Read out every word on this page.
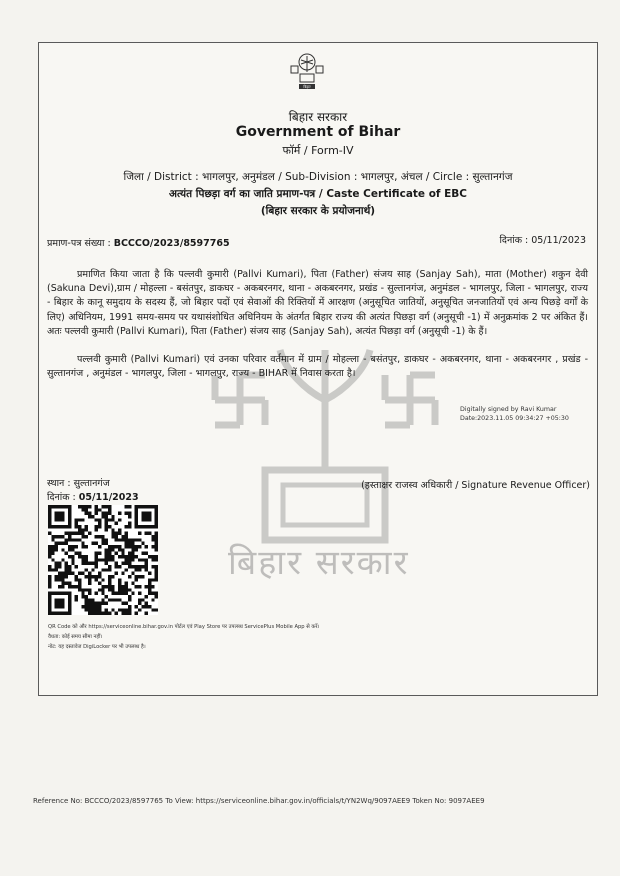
बिहार
बिहार सरकार
Government of Bihar
फॉर्म / Form-IV
जिला / District : भागलपुर, अनुमंडल / Sub-Division : भागलपुर, अंचल / Circle : सुल्तानगंज
अत्यंत पिछड़ा वर्ग का जाति प्रमाण-पत्र / Caste Certificate of EBC
(बिहार सरकार के प्रयोजनार्थ)
प्रमाण-पत्र संख्या : BCCCO/2023/8597765	दिनांक : 05/11/2023
बिहार सरकार

प्रमाणित किया जाता है कि पल्लवी कुमारी (Pallvi Kumari), पिता (Father) संजय साह (Sanjay Sah), माता (Mother) शकुन देवी (Sakuna Devi),ग्राम / मोहल्ला - बसंतपुर, डाकघर - अकबरनगर, थाना - अकबरनगर, प्रखंड - सुल्तानगंज, अनुमंडल - भागलपुर, जिला - भागलपुर, राज्य - बिहार के कानू समुदाय के सदस्य हैं, जो बिहार पदों एवं सेवाओं की रिक्तियों में आरक्षण (अनुसूचित जातियों, अनुसूचित जनजातियों एवं अन्य पिछड़े वर्गों के लिए) अधिनियम, 1991 समय-समय पर यथासंशोधित अधिनियम के अंतर्गत बिहार राज्य की अत्यंत पिछड़ा वर्ग (अनुसूची -1) में अनुक्रमांक 2 पर अंकित हैं। अतः पल्लवी कुमारी (Pallvi Kumari), पिता (Father) संजय साह (Sanjay Sah), अत्यंत पिछड़ा वर्ग (अनुसूची -1) के हैं।

पल्लवी कुमारी (Pallvi Kumari) एवं उनका परिवार वर्तमान में ग्राम / मोहल्ला - बसंतपुर, डाकघर - अकबरनगर, थाना - अकबरनगर , प्रखंड - सुल्तानगंज , अनुमंडल - भागलपुर, जिला - भागलपुर, राज्य - BIHAR में निवास करता है।

Digitally signed by Ravi Kumar
Date:2023.11.05 09:34:27 +05:30
स्थान : सुल्तानगंज
दिनांक : 05/11/2023
(हस्ताक्षर राजस्व अधिकारी / Signature Revenue Officer)
QR Code को और https://serviceonline.bihar.gov.in पोर्टल एवं Play Store पर उपलब्ध ServicePlus Mobile App से करें।
वैधता: कोई समय सीमा नहीं।
नोट: यह दस्तावेज DigiLocker पर भी उपलब्ध है।
Reference No: BCCCO/2023/8597765 To View: https://serviceonline.bihar.gov.in/officials/t/YN2Wq/9097AEE9 Token No: 9097AEE9
